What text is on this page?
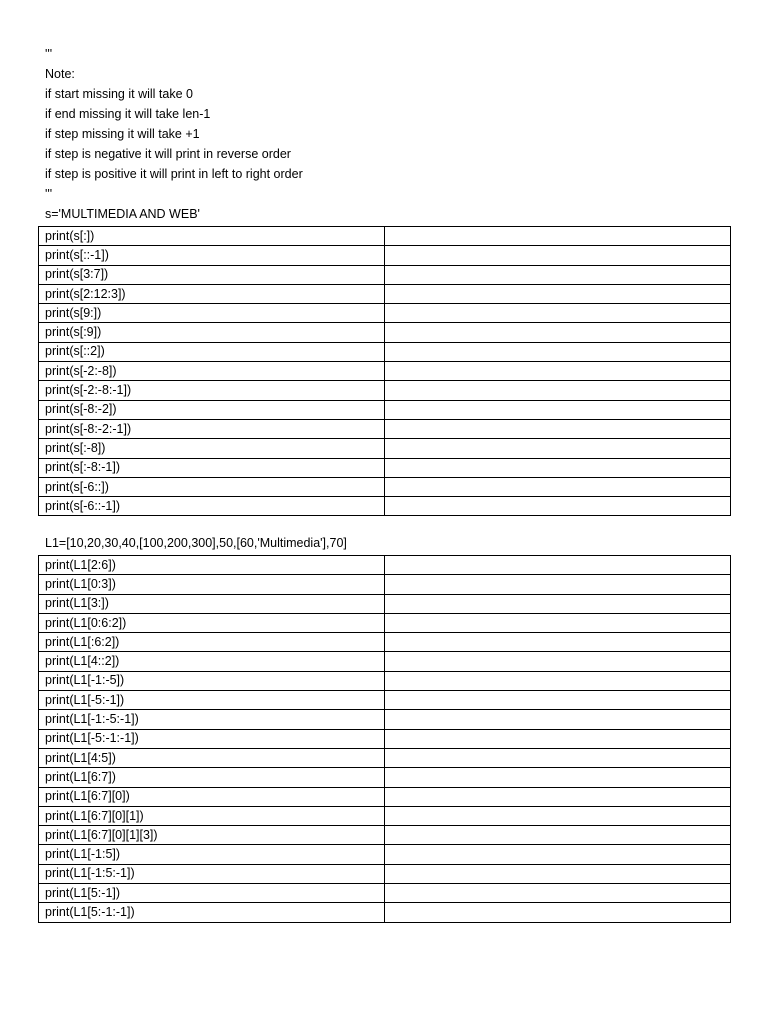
'''
Note:
if start missing it will take 0
if end missing it will take len-1
if step missing it will take +1
if step is negative it will print in reverse order
if step is positive it will print in left to right order
'''
s='MULTIMEDIA AND WEB'
print(s[:])	
print(s[::-1])	
print(s[3:7])	
print(s[2:12:3])	
print(s[9:])	
print(s[:9])	
print(s[::2])	
print(s[-2:-8])	
print(s[-2:-8:-1])	
print(s[-8:-2])	
print(s[-8:-2:-1])	
print(s[:-8])	
print(s[:-8:-1])	
print(s[-6::])	
print(s[-6::-1])	
L1=[10,20,30,40,[100,200,300],50,[60,'Multimedia'],70]
print(L1[2:6])	
print(L1[0:3])	
print(L1[3:])	
print(L1[0:6:2])	
print(L1[:6:2])	
print(L1[4::2])	
print(L1[-1:-5])	
print(L1[-5:-1])	
print(L1[-1:-5:-1])	
print(L1[-5:-1:-1])	
print(L1[4:5])	
print(L1[6:7])	
print(L1[6:7][0])	
print(L1[6:7][0][1])	
print(L1[6:7][0][1][3])	
print(L1[-1:5])	
print(L1[-1:5:-1])	
print(L1[5:-1])	
print(L1[5:-1:-1])	
